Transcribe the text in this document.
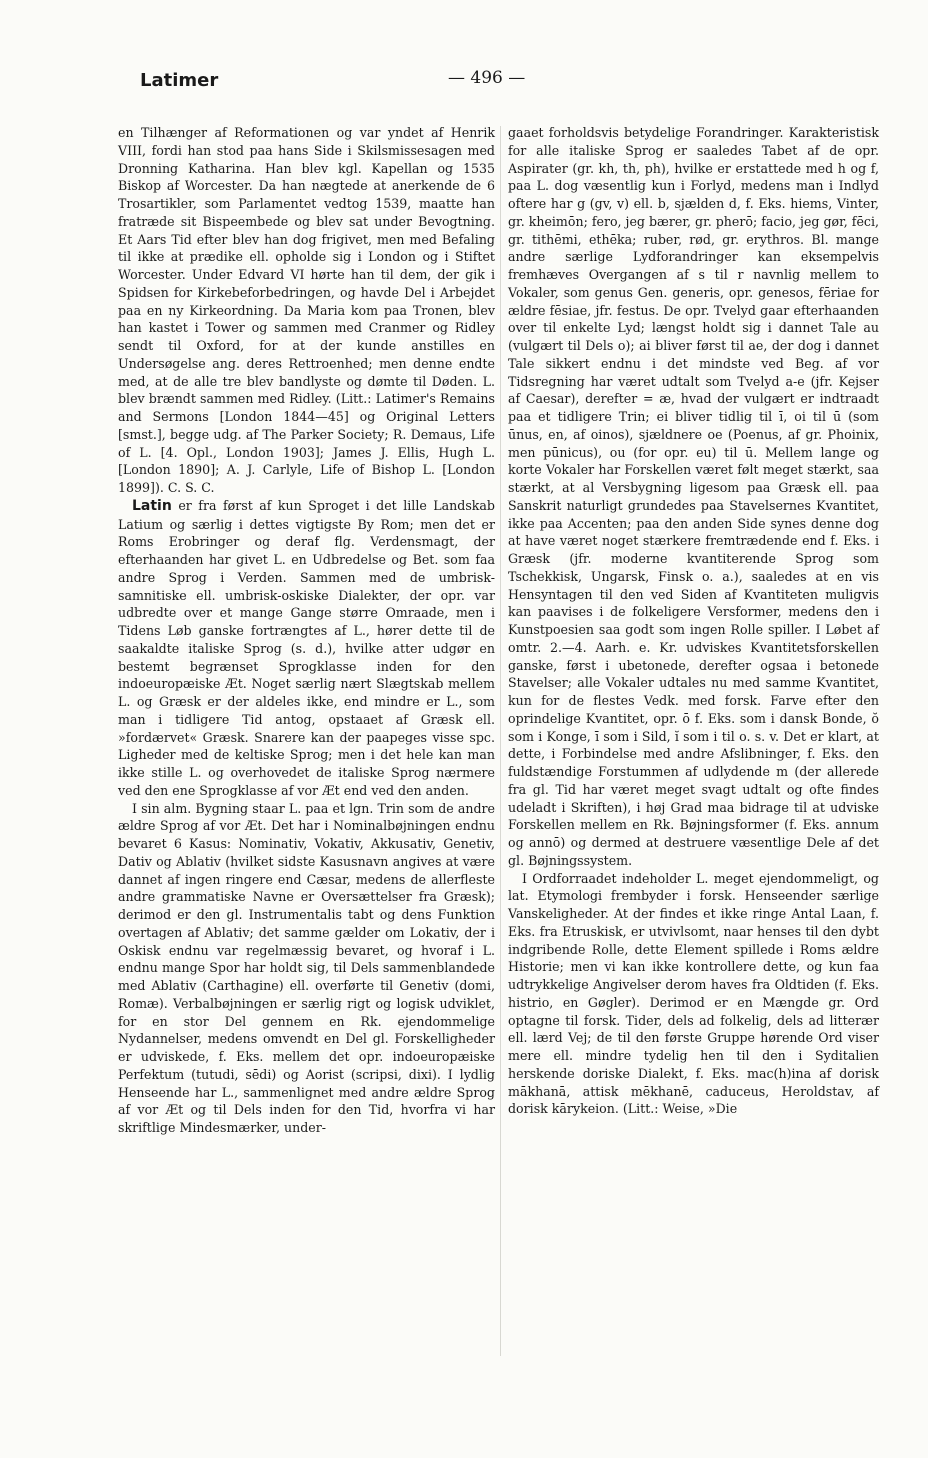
Latimer	— 496 —

en Tilhænger af Reformationen og var yndet af Henrik VIII, fordi han stod paa hans Side i Skilsmissesagen med Dronning Katharina. Han blev kgl. Kapellan og 1535 Biskop af Worcester. Da han nægtede at anerkende de 6 Trosartikler, som Parlamentet vedtog 1539, maatte han fratræde sit Bispeembede og blev sat under Bevogtning. Et Aars Tid efter blev han dog frigivet, men med Befaling til ikke at prædike ell. opholde sig i London og i Stiftet Worcester. Under Edvard VI hørte han til dem, der gik i Spidsen for Kirkebeforbedringen, og havde Del i Arbejdet paa en ny Kirkeordning. Da Maria kom paa Tronen, blev han kastet i Tower og sammen med Cranmer og Ridley sendt til Oxford, for at der kunde anstilles en Undersøgelse ang. deres Rettroenhed; men denne endte med, at de alle tre blev bandlyste og dømte til Døden. L. blev brændt sammen med Ridley. (Litt.: Latimer's Remains and Sermons [London 1844—45] og Original Letters [smst.], begge udg. af The Parker Society; R. Demaus, Life of L. [4. Opl., London 1903]; James J. Ellis, Hugh L. [London 1890]; A. J. Carlyle, Life of Bishop L. [London 1899]). C. S. C.

Latin er fra først af kun Sproget i det lille Landskab Latium og særlig i dettes vigtigste By Rom; men det er Roms Erobringer og deraf flg. Verdensmagt, der efterhaanden har givet L. en Udbredelse og Bet. som faa andre Sprog i Verden. Sammen med de umbrisk-samnitiske ell. umbrisk-oskiske Dialekter, der opr. var udbredte over et mange Gange større Omraade, men i Tidens Løb ganske fortrængtes af L., hører dette til de saakaldte italiske Sprog (s. d.), hvilke atter udgør en bestemt begrænset Sprogklasse inden for den indoeuropæiske Æt. Noget særlig nært Slægtskab mellem L. og Græsk er der aldeles ikke, end mindre er L., som man i tidligere Tid antog, opstaaet af Græsk ell. »fordærvet« Græsk. Snarere kan der paapeges visse spc. Ligheder med de keltiske Sprog; men i det hele kan man ikke stille L. og overhovedet de italiske Sprog nærmere ved den ene Sprogklasse af vor Æt end ved den anden.

I sin alm. Bygning staar L. paa et lgn. Trin som de andre ældre Sprog af vor Æt. Det har i Nominalbøjningen endnu bevaret 6 Kasus: Nominativ, Vokativ, Akkusativ, Genetiv, Dativ og Ablativ (hvilket sidste Kasusnavn angives at være dannet af ingen ringere end Cæsar, medens de allerfleste andre grammatiske Navne er Oversættelser fra Græsk); derimod er den gl. Instrumentalis tabt og dens Funktion overtagen af Ablativ; det samme gælder om Lokativ, der i Oskisk endnu var regelmæssig bevaret, og hvoraf i L. endnu mange Spor har holdt sig, til Dels sammenblandede med Ablativ (Carthagine) ell. overførte til Genetiv (domi, Romæ). Verbalbøjningen er særlig rigt og logisk udviklet, for en stor Del gennem en Rk. ejendommelige Nydannelser, medens omvendt en Del gl. Forskelligheder er udviskede, f. Eks. mellem det opr. indoeuropæiske Perfektum (tutudi, sēdi) og Aorist (scripsi, dixi). I lydlig Henseende har L., sammenlignet med andre ældre Sprog af vor Æt og til Dels inden for den Tid, hvorfra vi har skriftlige Mindesmærker, under-

gaaet forholdsvis betydelige Forandringer. Karakteristisk for alle italiske Sprog er saaledes Tabet af de opr. Aspirater (gr. kh, th, ph), hvilke er erstattede med h og f, paa L. dog væsentlig kun i Forlyd, medens man i Indlyd oftere har g (gv, v) ell. b, sjælden d, f. Eks. hiems, Vinter, gr. kheimōn; fero, jeg bærer, gr. pherō; facio, jeg gør, fēci, gr. tithēmi, ethēka; ruber, rød, gr. erythros. Bl. mange andre særlige Lydforandringer kan eksempelvis fremhæves Overgangen af s til r navnlig mellem to Vokaler, som genus Gen. generis, opr. genesos, fēriae for ældre fēsiae, jfr. festus. De opr. Tvelyd gaar efterhaanden over til enkelte Lyd; længst holdt sig i dannet Tale au (vulgært til Dels o); ai bliver først til ae, der dog i dannet Tale sikkert endnu i det mindste ved Beg. af vor Tidsregning har været udtalt som Tvelyd a-e (jfr. Kejser af Caesar), derefter = æ, hvad der vulgært er indtraadt paa et tidligere Trin; ei bliver tidlig til ī, oi til ū (som ūnus, en, af oinos), sjældnere oe (Poenus, af gr. Phoinix, men pūnicus), ou (for opr. eu) til ū. Mellem lange og korte Vokaler har Forskellen været følt meget stærkt, saa stærkt, at al Versbygning ligesom paa Græsk ell. paa Sanskrit naturligt grundedes paa Stavelsernes Kvantitet, ikke paa Accenten; paa den anden Side synes denne dog at have været noget stærkere fremtrædende end f. Eks. i Græsk (jfr. moderne kvantiterende Sprog som Tschekkisk, Ungarsk, Finsk o. a.), saaledes at en vis Hensyntagen til den ved Siden af Kvantiteten muligvis kan paavises i de folkeligere Versformer, medens den i Kunstpoesien saa godt som ingen Rolle spiller. I Løbet af omtr. 2.—4. Aarh. e. Kr. udviskes Kvantitetsforskellen ganske, først i ubetonede, derefter ogsaa i betonede Stavelser; alle Vokaler udtales nu med samme Kvantitet, kun for de flestes Vedk. med forsk. Farve efter den oprindelige Kvantitet, opr. ō f. Eks. som i dansk Bonde, ŏ som i Konge, ī som i Sild, ĭ som i til o. s. v. Det er klart, at dette, i Forbindelse med andre Afslibninger, f. Eks. den fuldstændige Forstummen af udlydende m (der allerede fra gl. Tid har været meget svagt udtalt og ofte findes udeladt i Skriften), i høj Grad maa bidrage til at udviske Forskellen mellem en Rk. Bøjningsformer (f. Eks. annum og annō) og dermed at destruere væsentlige Dele af det gl. Bøjningssystem.

I Ordforraadet indeholder L. meget ejendommeligt, og lat. Etymologi frembyder i forsk. Henseender særlige Vanskeligheder. At der findes et ikke ringe Antal Laan, f. Eks. fra Etruskisk, er utvivlsomt, naar henses til den dybt indgribende Rolle, dette Element spillede i Roms ældre Historie; men vi kan ikke kontrollere dette, og kun faa udtrykkelige Angivelser derom haves fra Oldtiden (f. Eks. histrio, en Gøgler). Derimod er en Mængde gr. Ord optagne til forsk. Tider, dels ad folkelig, dels ad litterær ell. lærd Vej; de til den første Gruppe hørende Ord viser mere ell. mindre tydelig hen til den i Syditalien herskende doriske Dialekt, f. Eks. mac(h)ina af dorisk mākhanā, attisk mēkhanē, caduceus, Heroldstav, af dorisk kārykeion. (Litt.: Weise, »Die
